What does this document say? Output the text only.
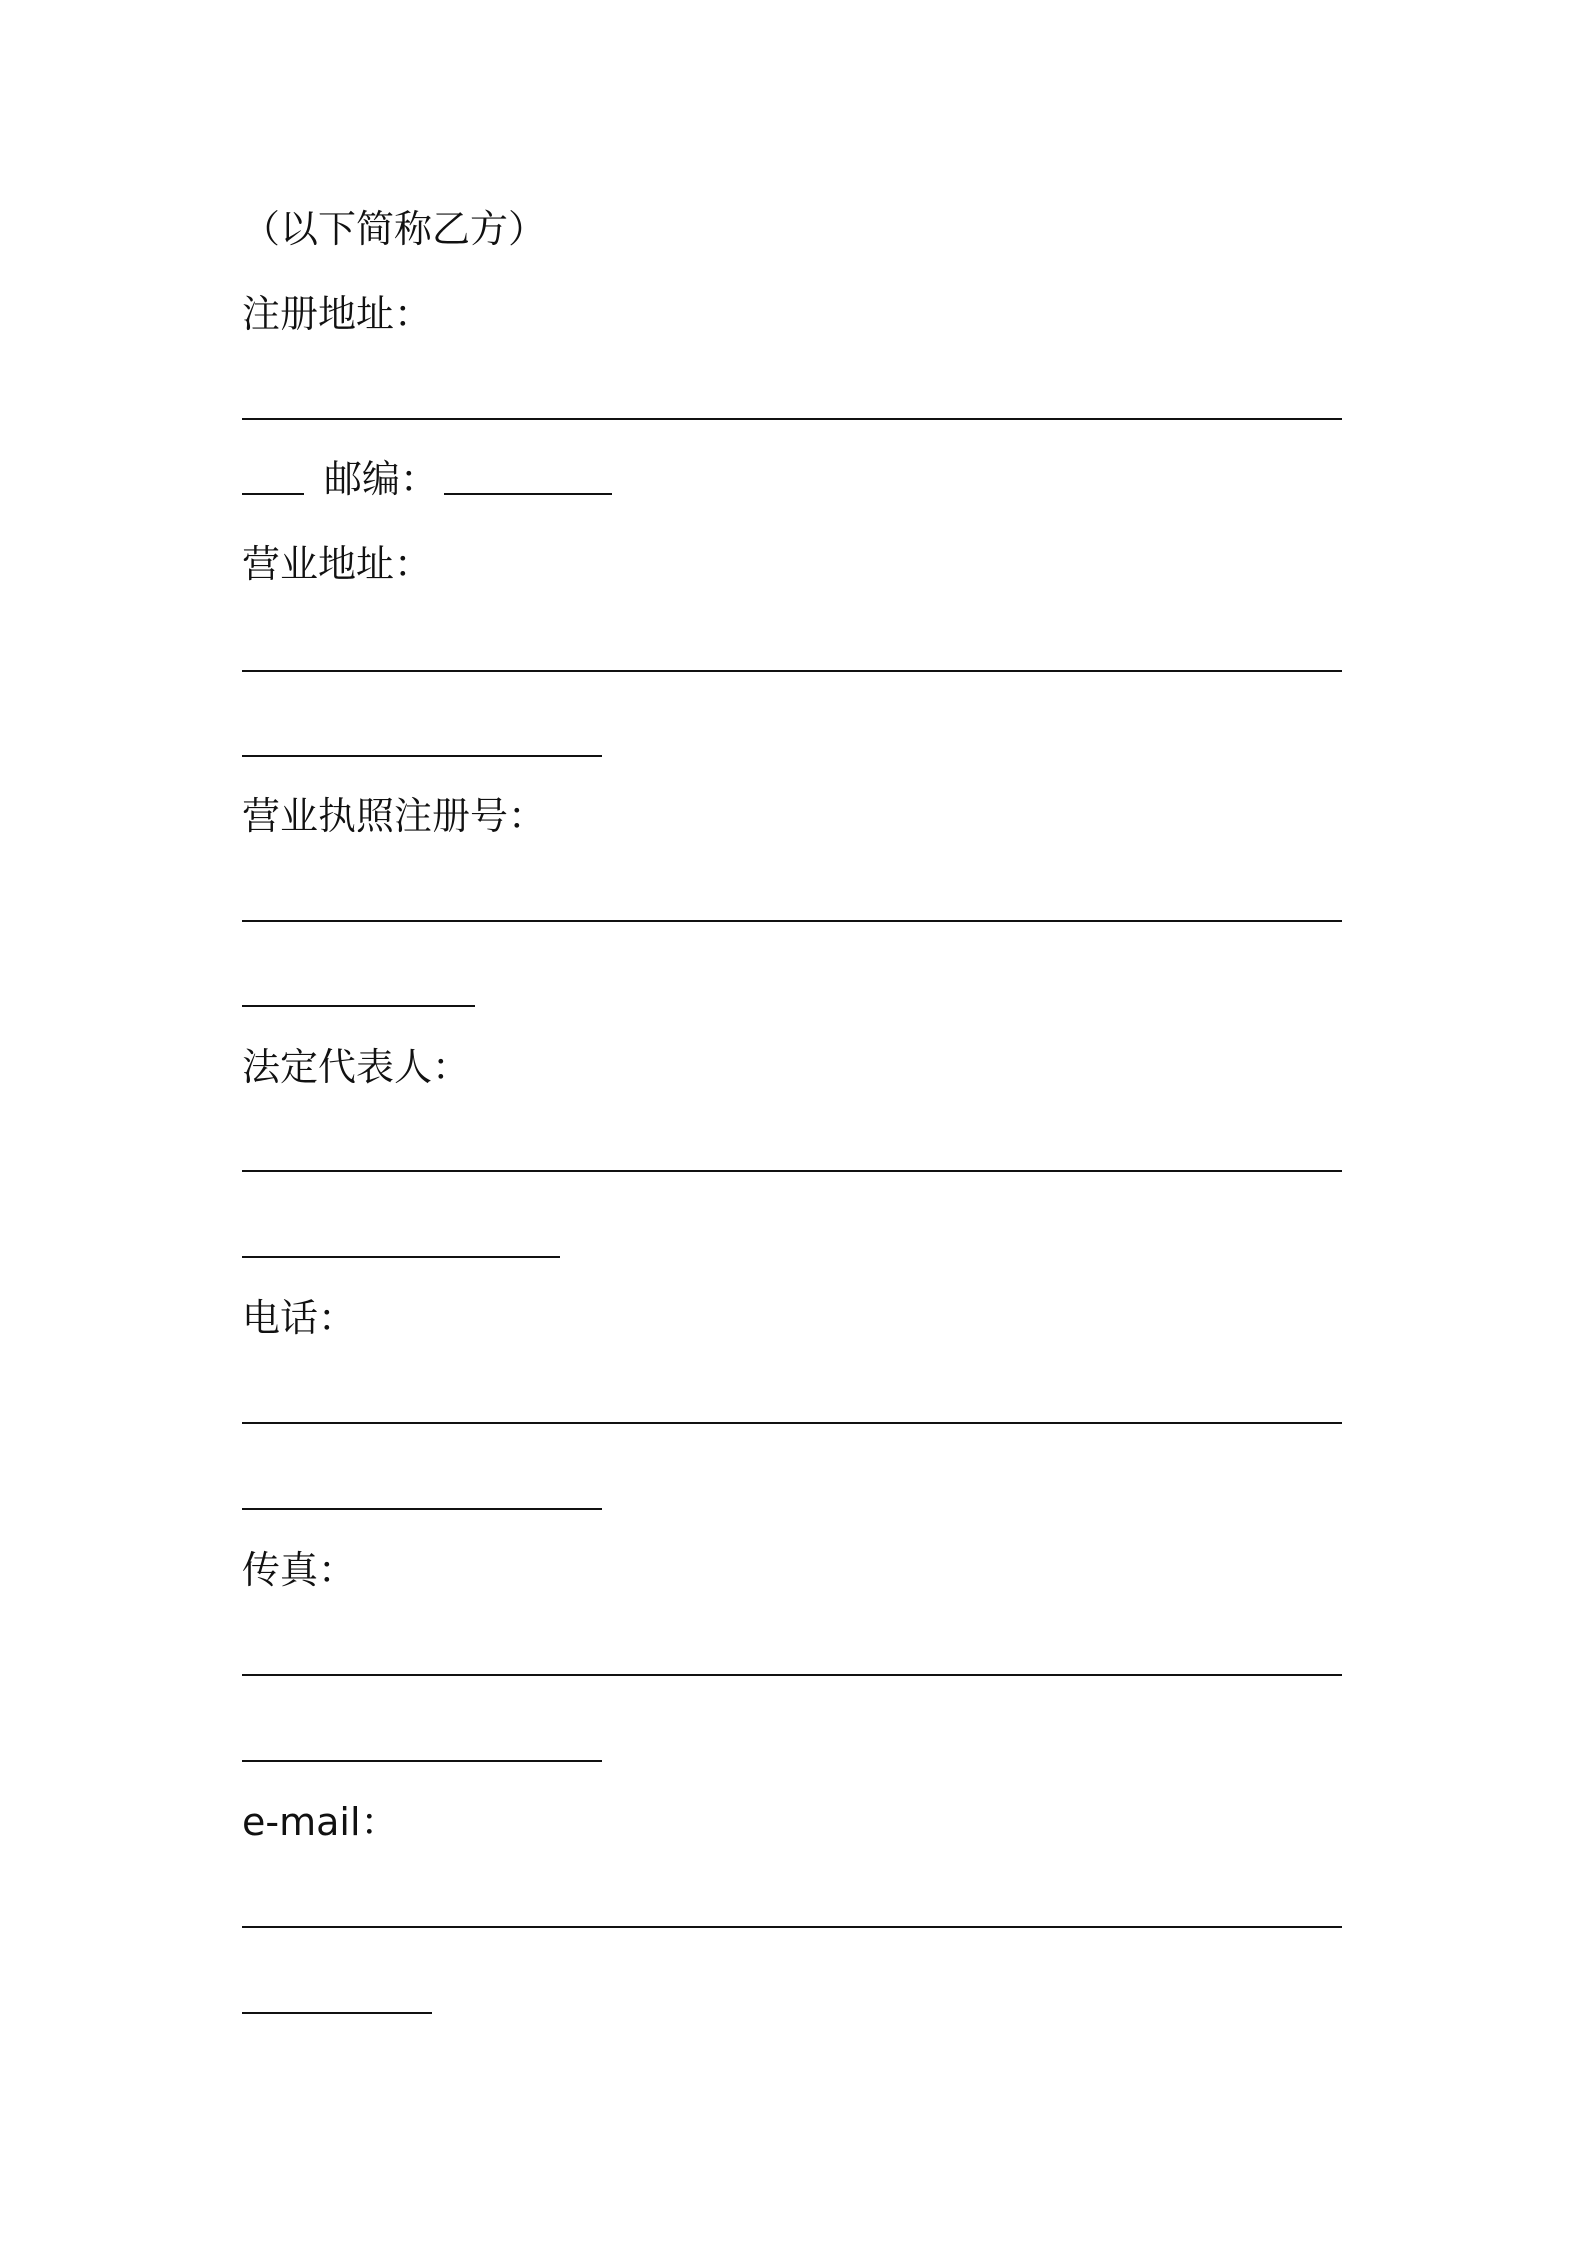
（以下简称乙方）
注册地址：
邮编：
营业地址：
营业执照注册号：
法定代表人：
电话：
传真：
e-mail：
